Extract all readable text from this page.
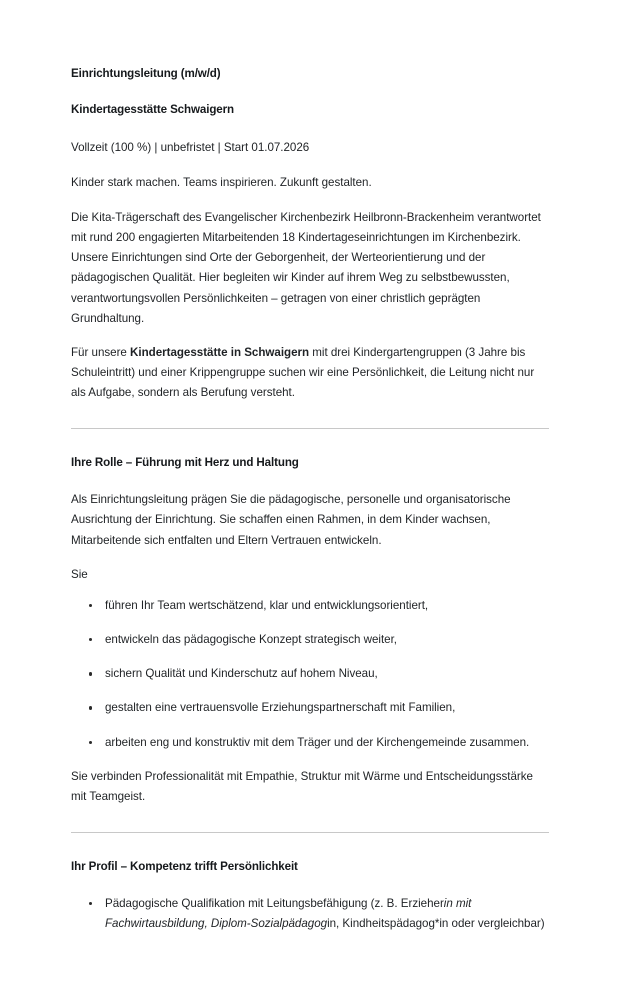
Einrichtungsleitung (m/w/d)
Kindertagesstätte Schwaigern

Vollzeit (100 %) | unbefristet | Start 01.07.2026

Kinder stark machen. Teams inspirieren. Zukunft gestalten.

Die Kita-Trägerschaft des Evangelischer Kirchenbezirk Heilbronn-Brackenheim verantwortet mit rund 200 engagierten Mitarbeitenden 18 Kindertageseinrichtungen im Kirchenbezirk. Unsere Einrichtungen sind Orte der Geborgenheit, der Werteorientierung und der pädagogischen Qualität. Hier begleiten wir Kinder auf ihrem Weg zu selbstbewussten, verantwortungsvollen Persönlichkeiten – getragen von einer christlich geprägten Grundhaltung.

Für unsere Kindertagesstätte in Schwaigern mit drei Kindergartengruppen (3 Jahre bis Schuleintritt) und einer Krippengruppe suchen wir eine Persönlichkeit, die Leitung nicht nur als Aufgabe, sondern als Berufung versteht.

Ihre Rolle – Führung mit Herz und Haltung

Als Einrichtungsleitung prägen Sie die pädagogische, personelle und organisatorische Ausrichtung der Einrichtung. Sie schaffen einen Rahmen, in dem Kinder wachsen, Mitarbeitende sich entfalten und Eltern Vertrauen entwickeln.

Sie

führen Ihr Team wertschätzend, klar und entwicklungsorientiert,
entwickeln das pädagogische Konzept strategisch weiter,
sichern Qualität und Kinderschutz auf hohem Niveau,
gestalten eine vertrauensvolle Erziehungspartnerschaft mit Familien,
arbeiten eng und konstruktiv mit dem Träger und der Kirchengemeinde zusammen.

Sie verbinden Professionalität mit Empathie, Struktur mit Wärme und Entscheidungsstärke mit Teamgeist.

Ihr Profil – Kompetenz trifft Persönlichkeit
Pädagogische Qualifikation mit Leitungsbefähigung (z. B. Erzieherin mit Fachwirtausbildung, Diplom-Sozialpädagogin, Kindheitspädagog*in oder vergleichbar)
